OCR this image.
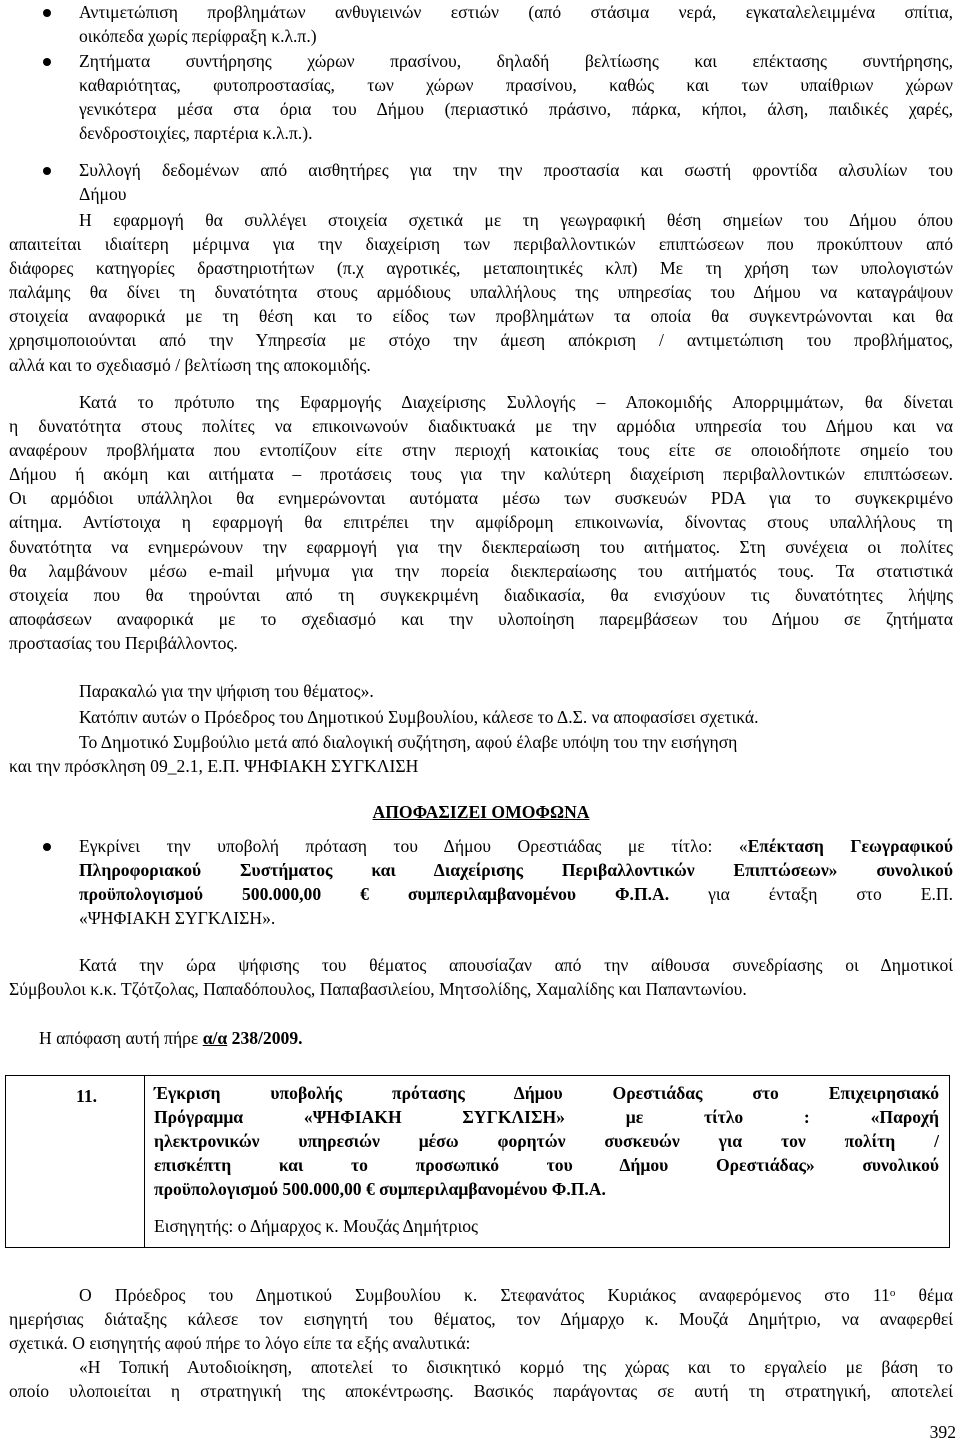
Αντιμετώπιση προβλημάτων ανθυγιεινών εστιών (από στάσιμα νερά, εγκαταλελειμμένα σπίτια,
οικόπεδα χωρίς περίφραξη κ.λ.π.)
Ζητήματα συντήρησης χώρων πρασίνου, δηλαδή βελτίωσης και επέκτασης συντήρησης,
καθαριότητας, φυτοπροστασίας, των χώρων πρασίνου, καθώς και των υπαίθριων χώρων
γενικότερα μέσα στα όρια του Δήμου (περιαστικό πράσινο, πάρκα, κήποι, άλση, παιδικές χαρές,
δενδροστοιχίες, παρτέρια κ.λ.π.).
Συλλογή δεδομένων από αισθητήρες για την την προστασία και σωστή φροντίδα αλσυλίων του
Δήμου
Η εφαρμογή θα συλλέγει στοιχεία σχετικά με τη γεωγραφική θέση σημείων του Δήμου όπου
απαιτείται ιδιαίτερη μέριμνα για την διαχείριση των περιβαλλοντικών επιπτώσεων που προκύπτουν από
διάφορες κατηγορίες δραστηριοτήτων (π.χ αγροτικές, μεταποιητικές κλπ) Με τη χρήση των υπολογιστών
παλάμης θα δίνει τη δυνατότητα στους αρμόδιους υπαλλήλους της υπηρεσίας του Δήμου να καταγράψουν
στοιχεία αναφορικά με τη θέση και το είδος των προβλημάτων τα οποία θα συγκεντρώνονται και θα
χρησιμοποιούνται από την Υπηρεσία με στόχο την άμεση απόκριση / αντιμετώπιση του προβλήματος,
αλλά και το σχεδιασμό / βελτίωση της αποκομιδής.
Κατά το πρότυπο της Εφαρμογής Διαχείρισης Συλλογής – Αποκομιδής Απορριμμάτων, θα δίνεται
η δυνατότητα στους πολίτες να επικοινωνούν διαδικτυακά με την αρμόδια υπηρεσία του Δήμου και να
αναφέρουν προβλήματα που εντοπίζουν είτε στην περιοχή κατοικίας τους είτε σε οποιοδήποτε σημείο του
Δήμου ή ακόμη και αιτήματα – προτάσεις τους για την καλύτερη διαχείριση περιβαλλοντικών επιπτώσεων.
Οι αρμόδιοι υπάλληλοι θα ενημερώνονται αυτόματα μέσω των συσκευών PDA για το συγκεκριμένο
αίτημα. Αντίστοιχα η εφαρμογή θα επιτρέπει την αμφίδρομη επικοινωνία, δίνοντας στους υπαλλήλους τη
δυνατότητα να ενημερώνουν την εφαρμογή για την διεκπεραίωση του αιτήματος. Στη συνέχεια οι πολίτες
θα λαμβάνουν μέσω e-mail μήνυμα για την πορεία διεκπεραίωσης του αιτήματός τους. Τα στατιστικά
στοιχεία που θα τηρούνται από τη συγκεκριμένη διαδικασία, θα ενισχύουν τις δυνατότητες λήψης
αποφάσεων αναφορικά με το σχεδιασμό και την υλοποίηση παρεμβάσεων του Δήμου σε ζητήματα
προστασίας του Περιβάλλοντος.
Παρακαλώ για την ψήφιση του θέματος».
Κατόπιν αυτών ο Πρόεδρος του Δημοτικού Συμβουλίου, κάλεσε το Δ.Σ. να αποφασίσει σχετικά.
Το Δημοτικό Συμβούλιο μετά από διαλογική συζήτηση, αφού έλαβε υπόψη του την εισήγηση
και την πρόσκληση 09_2.1, Ε.Π. ΨΗΦΙΑΚΗ ΣΥΓΚΛΙΣΗ
ΑΠΟΦΑΣΙΖΕΙ ΟΜΟΦΩΝΑ
Εγκρίνει την υποβολή πρόταση του Δήμου Ορεστιάδας με τίτλο: «Επέκταση Γεωγραφικού
Πληροφοριακού Συστήματος και Διαχείρισης Περιβαλλοντικών Επιπτώσεων» συνολικού
προϋπολογισμού 500.000,00 € συμπεριλαμβανομένου Φ.Π.Α. για ένταξη στο Ε.Π.
«ΨΗΦΙΑΚΗ ΣΥΓΚΛΙΣΗ».
Κατά την ώρα ψήφισης του θέματος απουσίαζαν από την αίθουσα συνεδρίασης οι Δημοτικοί
Σύμβουλοι κ.κ. Τζότζολας, Παπαδόπουλος, Παπαβασιλείου, Μητσολίδης, Χαμαλίδης και Παπαντωνίου.
Η απόφαση αυτή πήρε α/α 238/2009.
11.	Έγκριση υποβολής πρότασης Δήμου Ορεστιάδας στο Επιχειρησιακό
Πρόγραμμα «ΨΗΦΙΑΚΗ ΣΥΓΚΛΙΣΗ» με τίτλο : «Παροχή
ηλεκτρονικών υπηρεσιών μέσω φορητών συσκευών για τον πολίτη /
επισκέπτη και το προσωπικό του Δήμου Ορεστιάδας» συνολικού
προϋπολογισμού 500.000,00 € συμπεριλαμβανομένου Φ.Π.Α.
Εισηγητής: ο Δήμαρχος κ. Μουζάς Δημήτριος
Ο Πρόεδρος του Δημοτικού Συμβουλίου κ. Στεφανάτος Κυριάκος αναφερόμενος στο $11^o$ θέμα
ημερήσιας διάταξης κάλεσε τον εισηγητή του θέματος, τον Δήμαρχο κ. Μουζά Δημήτριο, να αναφερθεί
σχετικά. Ο εισηγητής αφού πήρε το λόγο είπε τα εξής αναλυτικά:
«Η Τοπική Αυτοδιοίκηση, αποτελεί το δισικητικό κορμό της χώρας και το εργαλείο με βάση το
οποίο υλοποιείται η στρατηγική της αποκέντρωσης. Βασικός παράγοντας σε αυτή τη στρατηγική, αποτελεί
392
